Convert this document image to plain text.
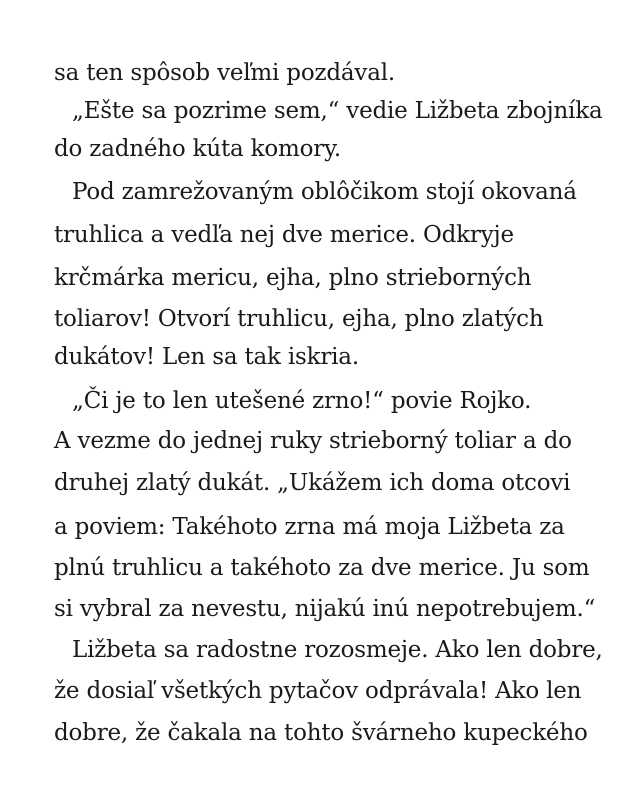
sa ten spôsob veľmi pozdával.
„Ešte sa pozrime sem,“ vedie Ližbeta zbojníka
do zadného kúta komory.
Pod zamrežovaným oblôčikom stojí okovaná
truhlica a vedľa nej dve merice. Odkryje
krčmárka mericu, ejha, plno strieborných
toliarov! Otvorí truhlicu, ejha, plno zlatých
dukátov! Len sa tak iskria.
„Či je to len utešené zrno!“ povie Rojko.
A vezme do jednej ruky strieborný toliar a do
druhej zlatý dukát. „Ukážem ich doma otcovi
a poviem: Takéhoto zrna má moja Ližbeta za
plnú truhlicu a takéhoto za dve merice. Ju som
si vybral za nevestu, nijakú inú nepotrebujem.“
Ližbeta sa radostne rozosmeje. Ako len dobre,
že dosiaľ všetkých pytačov odprávala! Ako len
dobre, že čakala na tohto švárneho kupeckého
